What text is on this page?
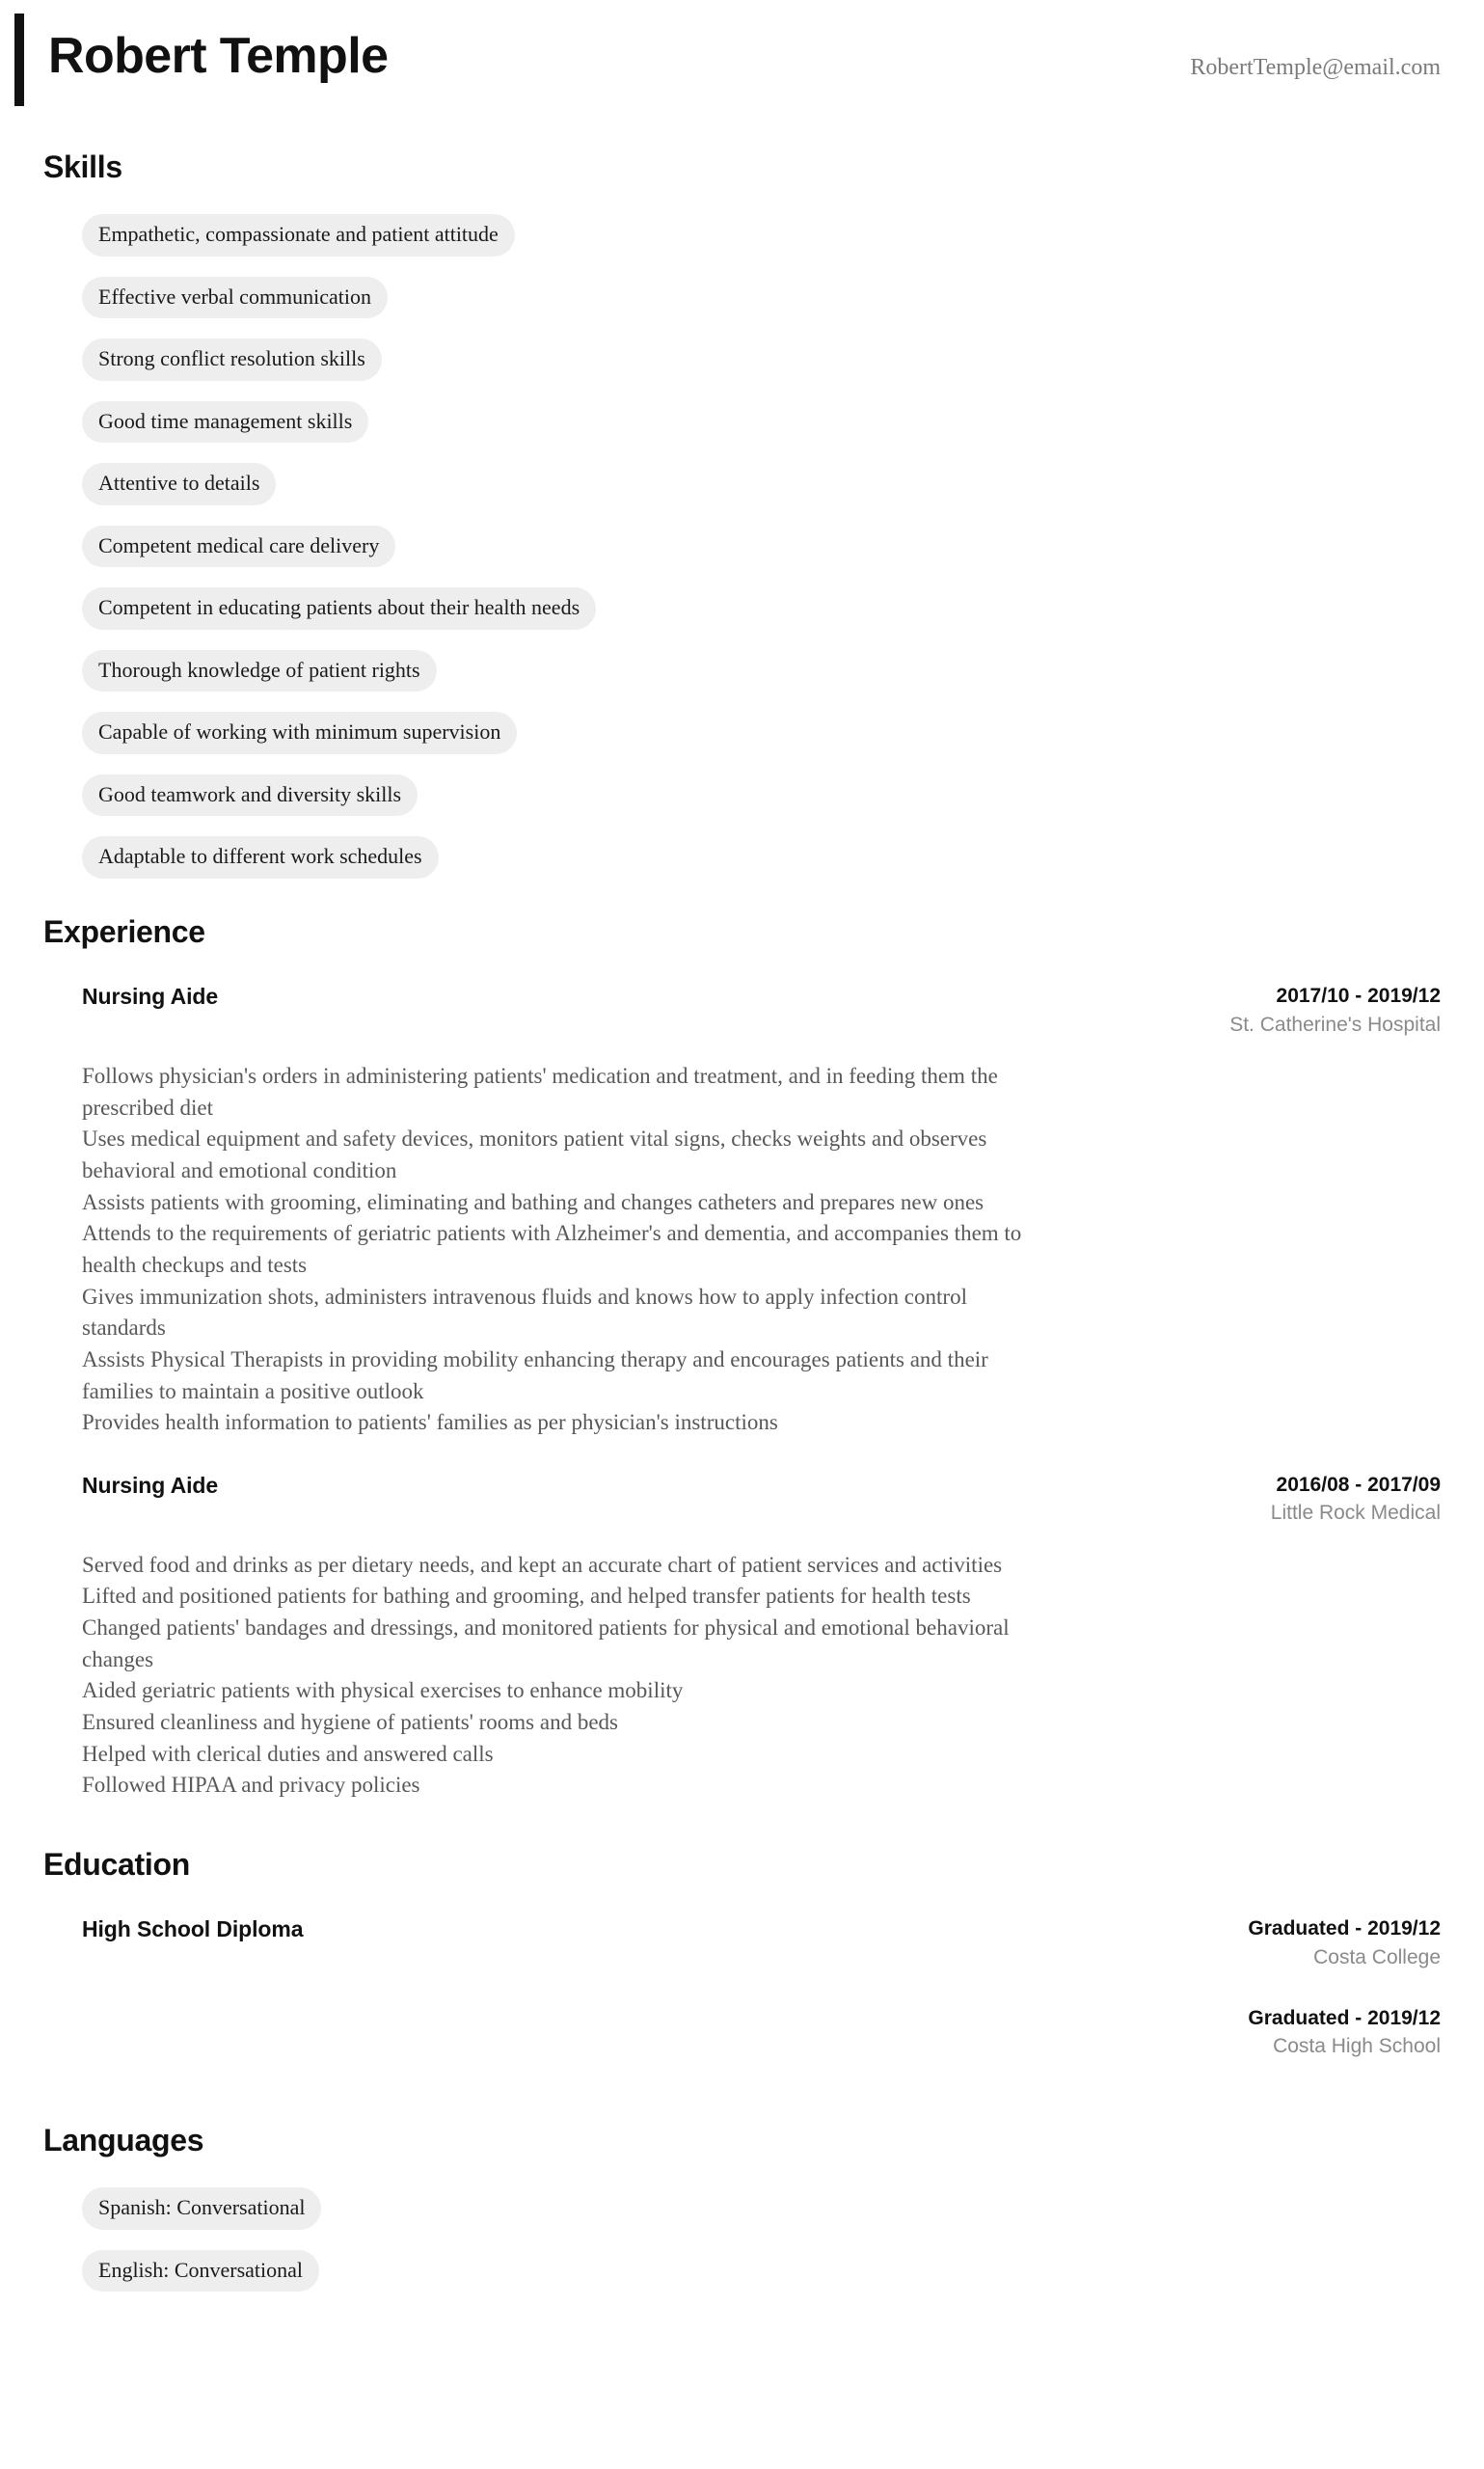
Robert Temple	RobertTemple@email.com
Skills
Empathetic, compassionate and patient attitude
Effective verbal communication
Strong conflict resolution skills
Good time management skills
Attentive to details
Competent medical care delivery
Competent in educating patients about their health needs
Thorough knowledge of patient rights
Capable of working with minimum supervision
Good teamwork and diversity skills
Adaptable to different work schedules
Experience
Nursing Aide	2017/10 - 2019/12
St. Catherine's Hospital
Follows physician's orders in administering patients' medication and treatment, and in feeding them the prescribed diet
Uses medical equipment and safety devices, monitors patient vital signs, checks weights and observes behavioral and emotional condition
Assists patients with grooming, eliminating and bathing and changes catheters and prepares new ones
Attends to the requirements of geriatric patients with Alzheimer's and dementia, and accompanies them to health checkups and tests
Gives immunization shots, administers intravenous fluids and knows how to apply infection control standards
Assists Physical Therapists in providing mobility enhancing therapy and encourages patients and their families to maintain a positive outlook
Provides health information to patients' families as per physician's instructions
Nursing Aide	2016/08 - 2017/09
Little Rock Medical
Served food and drinks as per dietary needs, and kept an accurate chart of patient services and activities
Lifted and positioned patients for bathing and grooming, and helped transfer patients for health tests
Changed patients' bandages and dressings, and monitored patients for physical and emotional behavioral changes
Aided geriatric patients with physical exercises to enhance mobility
Ensured cleanliness and hygiene of patients' rooms and beds
Helped with clerical duties and answered calls
Followed HIPAA and privacy policies
Education
High School Diploma	Graduated - 2019/12
Costa College
Graduated - 2019/12
Costa High School
Languages
Spanish: Conversational
English: Conversational
